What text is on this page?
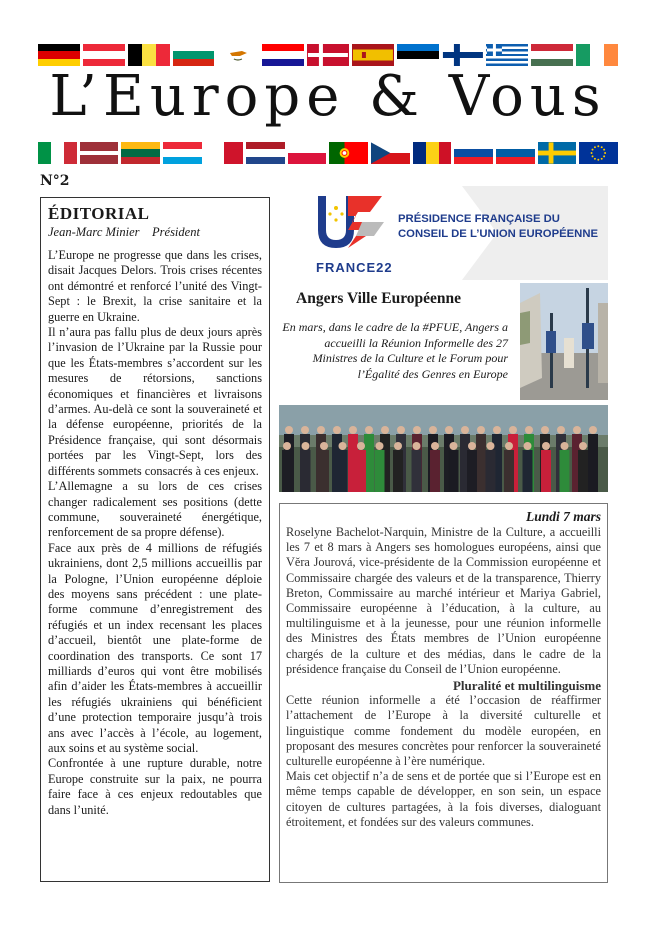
L’Europe & Vous
N°2
ÉDITORIAL
Jean-Marc Minier    Président

L’Europe ne progresse que dans les crises, disait Jacques Delors. Trois crises récentes ont démontré et renforcé l’unité des Vingt-Sept : le Brexit, la crise sanitaire et la guerre en Ukraine.

Il n’aura pas fallu plus de deux jours après l’invasion de l’Ukraine par la Russie pour que les États-membres s’accordent sur les mesures de rétorsions, sanctions économiques et financières et livraisons d’armes. Au-delà ce sont la souveraineté et la défense européenne, priorités de la Présidence française, qui sont désormais portées par les Vingt-Sept, lors des différents sommets consacrés à ces enjeux.

L’Allemagne a su lors de ces crises changer radicalement ses positions (dette commune, souveraineté énergétique, renforcement de sa propre défense).

Face aux près de 4 millions de réfugiés ukrainiens, dont 2,5 millions accueillis par la Pologne, l’Union européenne déploie des moyens sans précédent : une plate-forme commune d’enregistrement des réfugiés et un index recensant les places d’accueil, bientôt une plate-forme de coordination des transports. Ce sont 17 milliards d’euros qui vont être mobilisés afin d’aider les États-membres à accueillir les réfugiés ukrainiens qui bénéficient d’une protection temporaire jusqu’à trois ans avec l’accès à l’école, au logement, aux soins et au système social.

Confrontée à une rupture durable, notre Europe construite sur la paix, ne pourra faire face à ces enjeux redoutables que dans l’unité.

PRÉSIDENCE FRANÇAISE DU
CONSEIL DE L’UNION EUROPÉENNE
FRANCE22
Angers Ville Européenne
En mars, dans le cadre de la #PFUE, Angers a accueilli la Réunion Informelle des 27 Ministres de la Culture et le Forum pour l’Égalité des Genres en Europe
Lundi 7 mars

Roselyne Bachelot-Narquin, Ministre de la Culture, a accueilli les 7 et 8 mars à Angers ses homologues européens, ainsi que Věra Jourová, vice-présidente de la Commission européenne et Commissaire chargée des valeurs et de la transparence, Thierry Breton, Commissaire au marché intérieur et Mariya Gabriel, Commissaire européenne à l’éducation, à la culture, au multilinguisme et à la jeunesse, pour une réunion informelle des Ministres des États membres de l’Union européenne chargés de la culture et des médias, dans le cadre de la présidence française du Conseil de l’Union européenne.

Pluralité et multilinguisme

Cette réunion informelle a été l’occasion de réaffirmer l’attachement de l’Europe à la diversité culturelle et linguistique comme fondement du modèle européen, en proposant des mesures concrètes pour renforcer la souveraineté culturelle européenne à l’ère numérique.

Mais cet objectif n’a de sens et de portée que si l’Europe est en même temps capable de développer, en son sein, un espace citoyen de cultures partagées, à la fois diverses, dialoguant étroitement, et fondées sur des valeurs communes.
